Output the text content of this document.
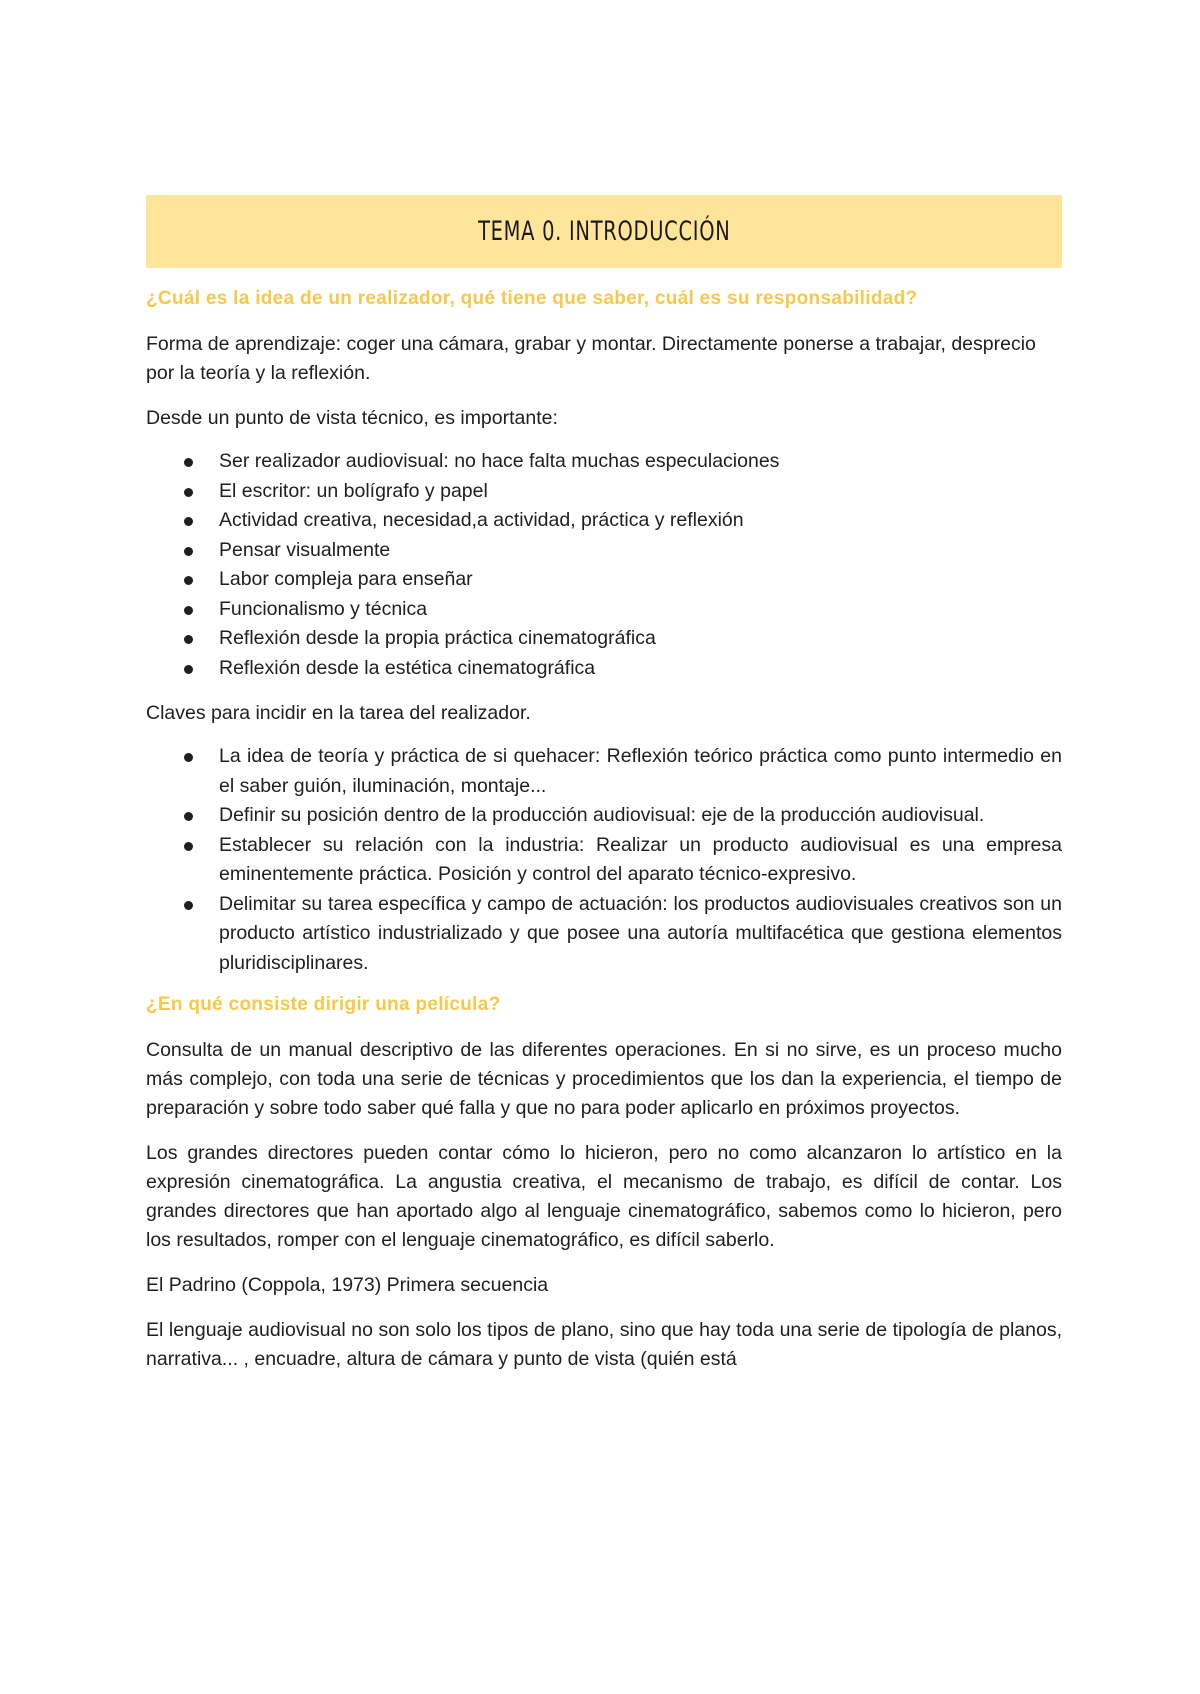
TEMA 0. INTRODUCCIÓN
¿Cuál es la idea de un realizador, qué tiene que saber, cuál es su responsabilidad?

Forma de aprendizaje: coger una cámara, grabar y montar. Directamente ponerse a trabajar, desprecio por la teoría y la reflexión.

Desde un punto de vista técnico, es importante:

Ser realizador audiovisual: no hace falta muchas especulaciones
El escritor: un bolígrafo y papel
Actividad creativa, necesidad,a actividad, práctica y reflexión
Pensar visualmente
Labor compleja para enseñar
Funcionalismo y técnica
Reflexión desde la propia práctica cinematográfica
Reflexión desde la estética cinematográfica

Claves para incidir en la tarea del realizador.

La idea de teoría y práctica de si quehacer: Reflexión teórico práctica como punto intermedio en el saber guión, iluminación, montaje...
Definir su posición dentro de la producción audiovisual: eje de la producción audiovisual.
Establecer su relación con la industria: Realizar un producto audiovisual es una empresa eminentemente práctica. Posición y control del aparato técnico-expresivo.
Delimitar su tarea específica y campo de actuación: los productos audiovisuales creativos son un producto artístico industrializado y que posee una autoría multifacética que gestiona elementos pluridisciplinares.
¿En qué consiste dirigir una película?

Consulta de un manual descriptivo de las diferentes operaciones. En si no sirve, es un proceso mucho más complejo, con toda una serie de técnicas y procedimientos que los dan la experiencia, el tiempo de preparación y sobre todo saber qué falla y que no para poder aplicarlo en próximos proyectos.

Los grandes directores pueden contar cómo lo hicieron, pero no como alcanzaron lo artístico en la expresión cinematográfica. La angustia creativa, el mecanismo de trabajo, es difícil de contar. Los grandes directores que han aportado algo al lenguaje cinematográfico, sabemos como lo hicieron, pero los resultados, romper con el lenguaje cinematográfico, es difícil saberlo.

El Padrino (Coppola, 1973) Primera secuencia

El lenguaje audiovisual no son solo los tipos de plano, sino que hay toda una serie de tipología de planos, narrativa... , encuadre, altura de cámara y punto de vista (quién está
